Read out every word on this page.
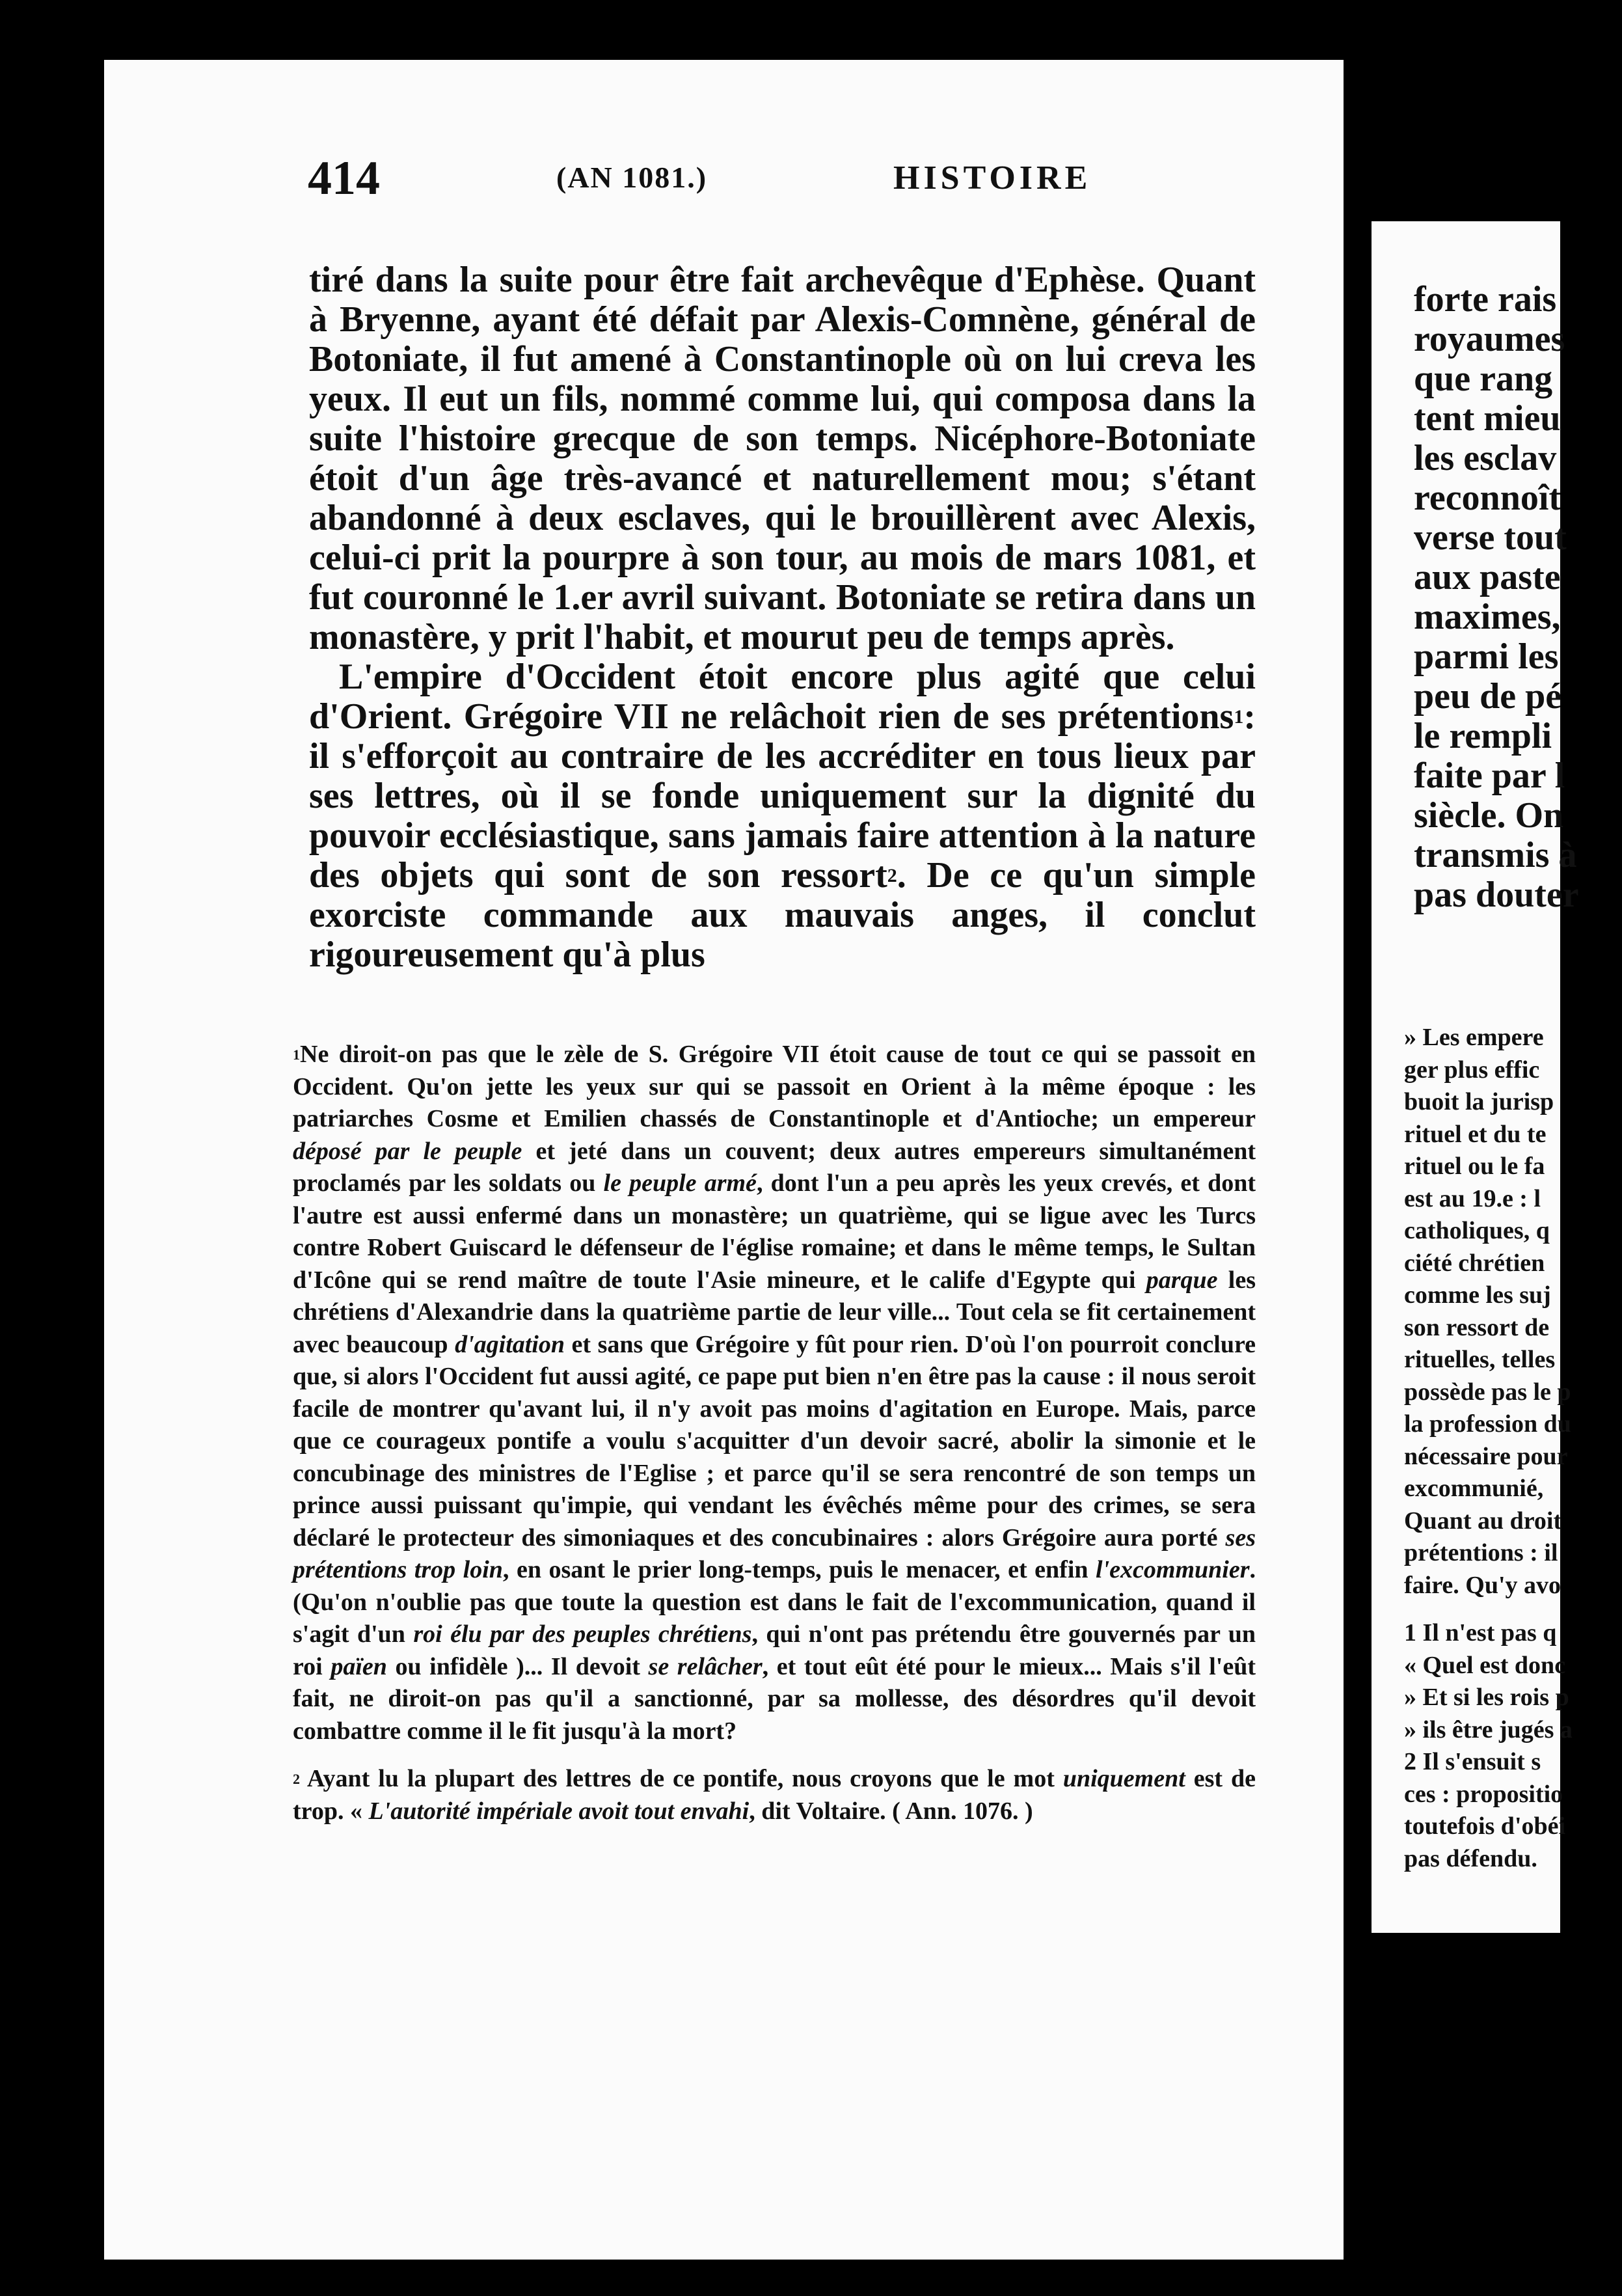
forte rais
royaumes
que rang
tent mieu
les esclav
reconnoît
verse tout
aux paste
maximes,
parmi les
peu de pé
le rempli
faite par l
siècle. On
transmis à
pas douter
» Les empere
ger plus effic
buoit la jurisp
rituel et du te
rituel ou le fa
est au 19.e : l
catholiques, q
ciété chrétien
comme les suj
son ressort de
rituelles, telles
possède pas le p
la profession du
nécessaire pour
excommunié,
Quant au droit
prétentions : il
faire. Qu'y avo
1 Il n'est pas q
« Quel est donc
» Et si les rois p
» ils être jugés a
2 Il s'ensuit s
ces : propositio
toutefois d'obéi
pas défendu.
414	(AN 1081.)	HISTOIRE

tiré dans la suite pour être fait archevêque d'Ephèse. Quant à Bryenne, ayant été défait par Alexis-Comnène, général de Botoniate, il fut amené à Constantinople où on lui creva les yeux. Il eut un fils, nommé comme lui, qui composa dans la suite l'histoire grecque de son temps. Nicéphore-Botoniate étoit d'un âge très-avancé et naturellement mou; s'étant abandonné à deux esclaves, qui le brouillèrent avec Alexis, celui-ci prit la pourpre à son tour, au mois de mars 1081, et fut couronné le 1.er avril suivant. Botoniate se retira dans un monastère, y prit l'habit, et mourut peu de temps après.

L'empire d'Occident étoit encore plus agité que celui d'Orient. Grégoire VII ne relâchoit rien de ses prétentions$^1$: il s'efforçoit au contraire de les accréditer en tous lieux par ses lettres, où il se fonde uniquement sur la dignité du pouvoir ecclésiastique, sans jamais faire attention à la nature des objets qui sont de son ressort$^2$. De ce qu'un simple exorciste commande aux mauvais anges, il conclut rigoureusement qu'à plus

$^1$Ne diroit-on pas que le zèle de S. Grégoire VII étoit cause de tout ce qui se passoit en Occident. Qu'on jette les yeux sur qui se passoit en Orient à la même époque : les patriarches Cosme et Emilien chassés de Constantinople et d'Antioche; un empereur déposé par le peuple et jeté dans un couvent; deux autres empereurs simultanément proclamés par les soldats ou le peuple armé, dont l'un a peu après les yeux crevés, et dont l'autre est aussi enfermé dans un monastère; un quatrième, qui se ligue avec les Turcs contre Robert Guiscard le défenseur de l'église romaine; et dans le même temps, le Sultan d'Icône qui se rend maître de toute l'Asie mineure, et le calife d'Egypte qui parque les chrétiens d'Alexandrie dans la quatrième partie de leur ville... Tout cela se fit certainement avec beaucoup d'agitation et sans que Grégoire y fût pour rien. D'où l'on pourroit conclure que, si alors l'Occident fut aussi agité, ce pape put bien n'en être pas la cause : il nous seroit facile de montrer qu'avant lui, il n'y avoit pas moins d'agitation en Europe. Mais, parce que ce courageux pontife a voulu s'acquitter d'un devoir sacré, abolir la simonie et le concubinage des ministres de l'Eglise ; et parce qu'il se sera rencontré de son temps un prince aussi puissant qu'impie, qui vendant les évêchés même pour des crimes, se sera déclaré le protecteur des simoniaques et des concubinaires : alors Grégoire aura porté ses prétentions trop loin, en osant le prier long-temps, puis le menacer, et enfin l'excommunier. (Qu'on n'oublie pas que toute la question est dans le fait de l'excommunication, quand il s'agit d'un roi élu par des peuples chrétiens, qui n'ont pas prétendu être gouvernés par un roi païen ou infidèle )... Il devoit se relâcher, et tout eût été pour le mieux... Mais s'il l'eût fait, ne diroit-on pas qu'il a sanctionné, par sa mollesse, des désordres qu'il devoit combattre comme il le fit jusqu'à la mort?

$^2$ Ayant lu la plupart des lettres de ce pontife, nous croyons que le mot uniquement est de trop. « L'autorité impériale avoit tout envahi, dit Voltaire. ( Ann. 1076. )
